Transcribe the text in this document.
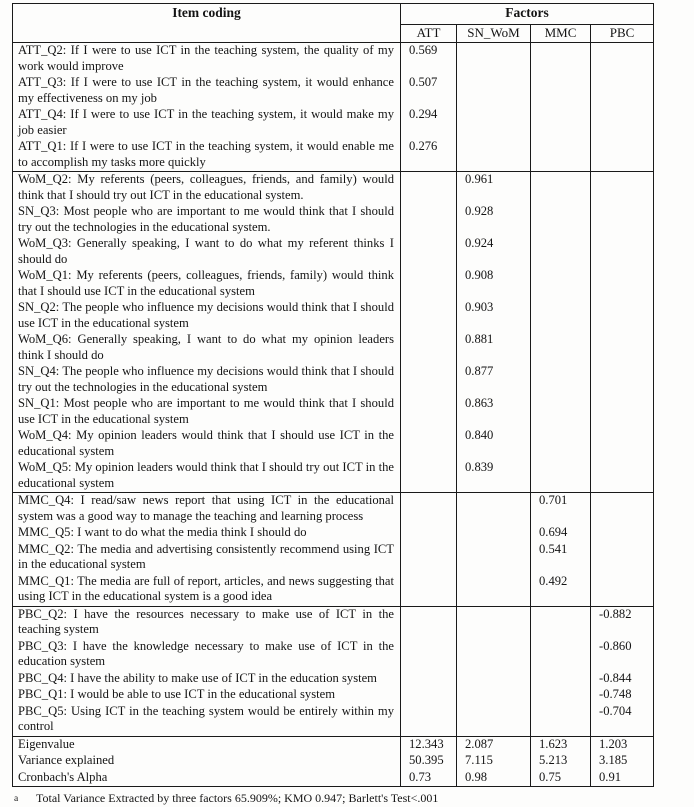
Item coding	Factors			
	ATT	SN_WoM	MMC	PBC
ATT_Q2: If I were to use ICT in the teaching system, the quality of my work would improve	0.569			
ATT_Q3: If I were to use ICT in the teaching system, it would enhance my effectiveness on my job	0.507			
ATT_Q4: If I were to use ICT in the teaching system, it would make my job easier	0.294			
ATT_Q1: If I were to use ICT in the teaching system, it would enable me to accomplish my tasks more quickly	0.276			
WoM_Q2: My referents (peers, colleagues, friends, and family) would think that I should try out ICT in the educational system.		0.961		
SN_Q3: Most people who are important to me would think that I should try out the technologies in the educational system.		0.928		
WoM_Q3: Generally speaking, I want to do what my referent thinks I should do		0.924		
WoM_Q1: My referents (peers, colleagues, friends, family) would think that I should use ICT in the educational system		0.908		
SN_Q2: The people who influence my decisions would think that I should use ICT in the educational system		0.903		
WoM_Q6: Generally speaking, I want to do what my opinion leaders think I should do		0.881		
SN_Q4: The people who influence my decisions would think that I should try out the technologies in the educational system		0.877		
SN_Q1: Most people who are important to me would think that I should use ICT in the educational system		0.863		
WoM_Q4: My opinion leaders would think that I should use ICT in the educational system		0.840		
WoM_Q5: My opinion leaders would think that I should try out ICT in the educational system		0.839		
MMC_Q4: I read/saw news report that using ICT in the educational system was a good way to manage the teaching and learning process			0.701	
MMC_Q5: I want to do what the media think I should do			0.694	
MMC_Q2: The media and advertising consistently recommend using ICT in the educational system			0.541	
MMC_Q1: The media are full of report, articles, and news suggesting that using ICT in the educational system is a good idea			0.492	
PBC_Q2: I have the resources necessary to make use of ICT in the teaching system				-0.882
PBC_Q3: I have the knowledge necessary to make use of ICT in the education system				-0.860
PBC_Q4: I have the ability to make use of ICT in the education system				-0.844
PBC_Q1: I would be able to use ICT in the educational system				-0.748
PBC_Q5: Using ICT in the teaching system would be entirely within my control				-0.704
Eigenvalue	12.343	2.087	1.623	1.203
Variance explained	50.395	7.115	5.213	3.185
Cronbach's Alpha	0.73	0.98	0.75	0.91
a Total Variance Extracted by three factors 65.909%; KMO 0.947; Barlett's Test<.001
